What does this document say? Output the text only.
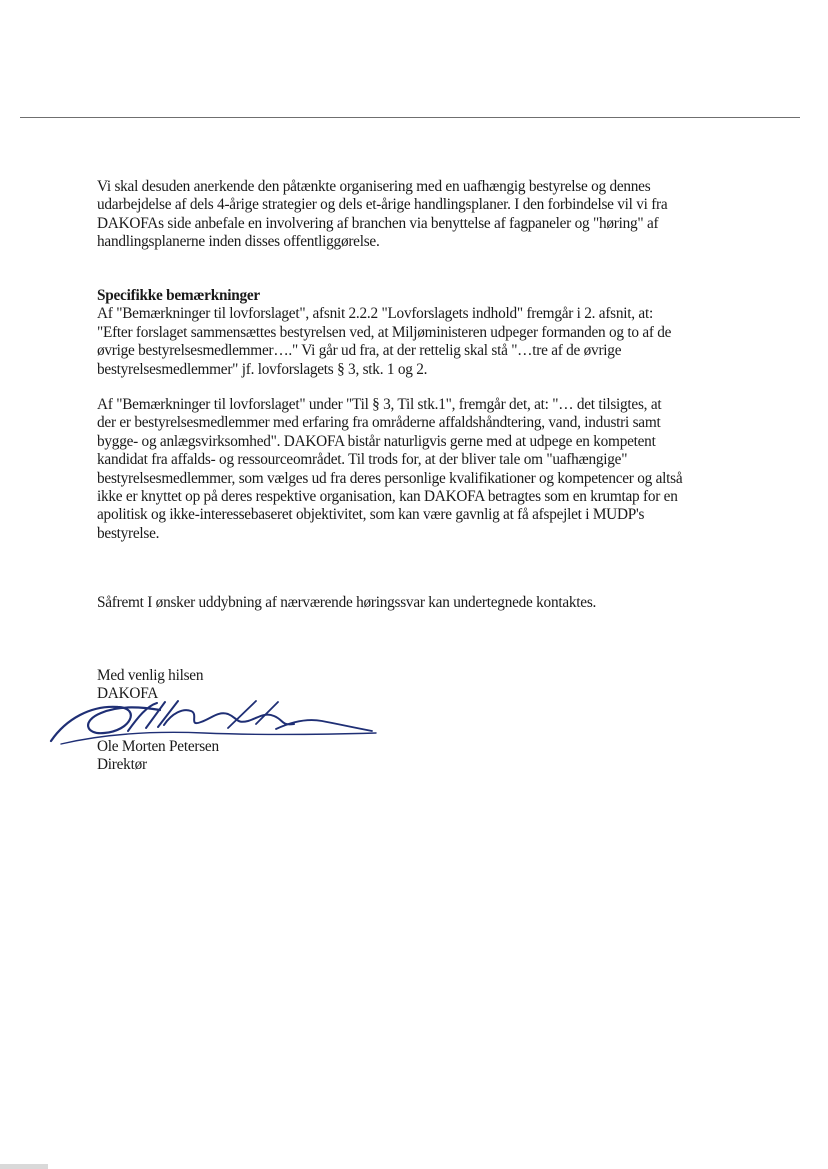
Vi skal desuden anerkende den påtænkte organisering med en uafhængig bestyrelse og dennes
udarbejdelse af dels 4-årige strategier og dels et-årige handlingsplaner. I den forbindelse vil vi fra
DAKOFAs side anbefale en involvering af branchen via benyttelse af fagpaneler og "høring" af
handlingsplanerne inden disses offentliggørelse.
Specifikke bemærkninger
Af "Bemærkninger til lovforslaget", afsnit 2.2.2 "Lovforslagets indhold" fremgår i 2. afsnit, at:
"Efter forslaget sammensættes bestyrelsen ved, at Miljøministeren udpeger formanden og to af de
øvrige bestyrelsesmedlemmer…." Vi går ud fra, at der rettelig skal stå "…tre af de øvrige
bestyrelsesmedlemmer" jf. lovforslagets § 3, stk. 1 og 2.
Af "Bemærkninger til lovforslaget" under "Til § 3, Til stk.1", fremgår det, at: "… det tilsigtes, at
der er bestyrelsesmedlemmer med erfaring fra områderne affaldshåndtering, vand, industri samt
bygge- og anlægsvirksomhed". DAKOFA bistår naturligvis gerne med at udpege en kompetent
kandidat fra affalds- og ressourceområdet. Til trods for, at der bliver tale om "uafhængige"
bestyrelsesmedlemmer, som vælges ud fra deres personlige kvalifikationer og kompetencer og altså
ikke er knyttet op på deres respektive organisation, kan DAKOFA betragtes som en krumtap for en
apolitisk og ikke-interessebaseret objektivitet, som kan være gavnlig at få afspejlet i MUDP's
bestyrelse.
Såfremt I ønsker uddybning af nærværende høringssvar kan undertegnede kontaktes.
Med venlig hilsen
DAKOFA
Ole Morten Petersen
Direktør
